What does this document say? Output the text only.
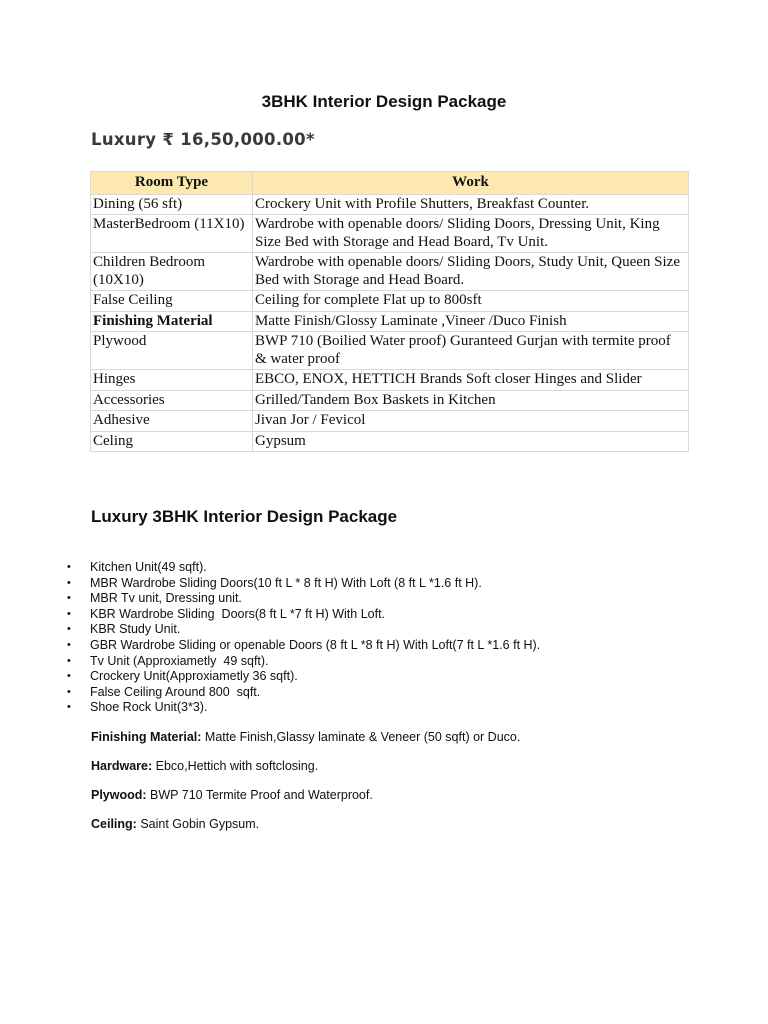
3BHK Interior Design Package
Luxury ₹ 16,50,000.00*
Room Type	Work
Dining (56 sft)	Crockery Unit with Profile Shutters, Breakfast Counter.
MasterBedroom (11X10)	Wardrobe with openable doors/ Sliding Doors, Dressing Unit, King Size Bed with Storage and Head Board, Tv Unit.
Children Bedroom (10X10)	Wardrobe with openable doors/ Sliding Doors, Study Unit, Queen Size Bed with Storage and Head Board.
False Ceiling	Ceiling for complete Flat up to 800sft
Finishing Material	Matte Finish/Glossy Laminate ,Vineer /Duco Finish
Plywood	BWP 710 (Boilied Water proof) Guranteed Gurjan with termite proof & water proof
Hinges	EBCO, ENOX, HETTICH Brands Soft closer Hinges and Slider
Accessories	Grilled/Tandem Box Baskets in Kitchen
Adhesive	Jivan Jor / Fevicol
Celing	Gypsum
Luxury 3BHK Interior Design Package
• Kitchen Unit(49 sqft).
• MBR Wardrobe Sliding Doors(10 ft L * 8 ft H) With Loft (8 ft L *1.6 ft H).
• MBR Tv unit, Dressing unit.
• KBR Wardrobe Sliding  Doors(8 ft L *7 ft H) With Loft.
• KBR Study Unit.
• GBR Wardrobe Sliding or openable Doors (8 ft L *8 ft H) With Loft(7 ft L *1.6 ft H).
• Tv Unit (Approxiametly  49 sqft).
• Crockery Unit(Approxiametly 36 sqft).
• False Ceiling Around 800  sqft.
• Shoe Rock Unit(3*3).

Finishing Material: Matte Finish,Glassy laminate & Veneer (50 sqft) or Duco.

Hardware: Ebco,Hettich with softclosing.

Plywood: BWP 710 Termite Proof and Waterproof.

Ceiling: Saint Gobin Gypsum.
